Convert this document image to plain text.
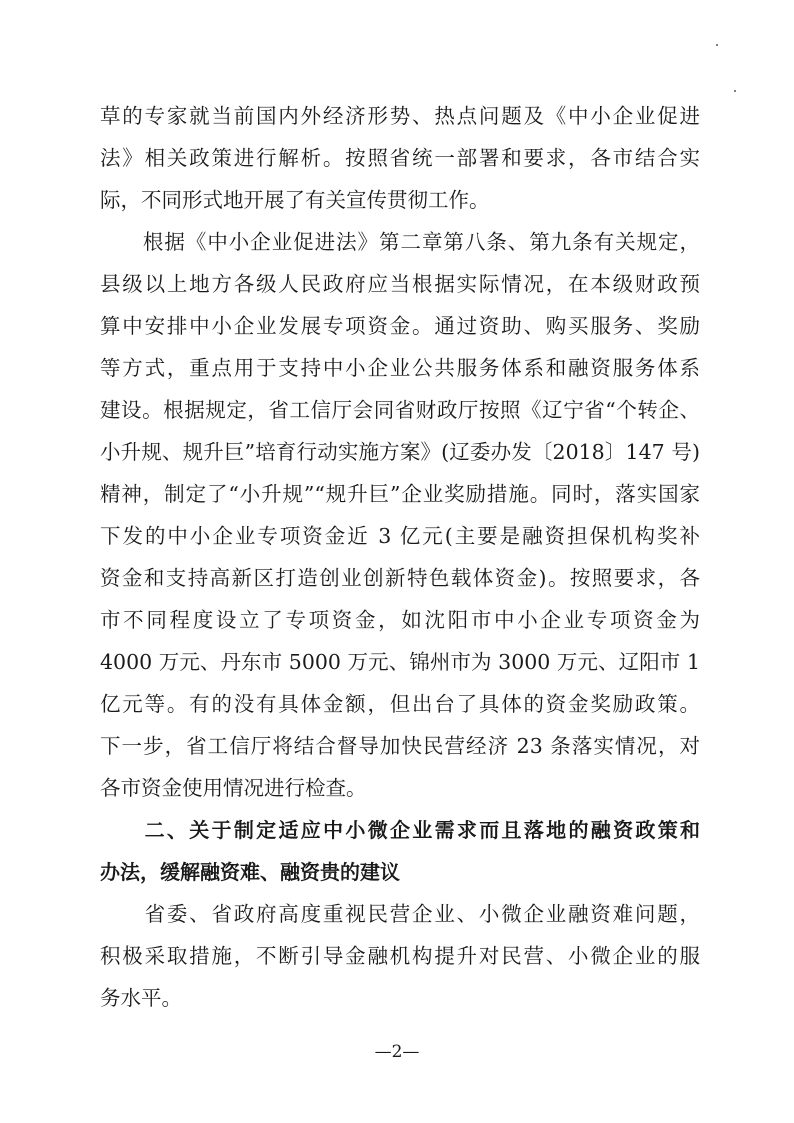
草的专家就当前国内外经济形势、热点问题及《中小企业促进
法》相关政策进行解析。按照省统一部署和要求，各市结合实
际，不同形式地开展了有关宣传贯彻工作。
　　根据《中小企业促进法》第二章第八条、第九条有关规定，
县级以上地方各级人民政府应当根据实际情况，在本级财政预
算中安排中小企业发展专项资金。通过资助、购买服务、奖励
等方式，重点用于支持中小企业公共服务体系和融资服务体系
建设。根据规定，省工信厅会同省财政厅按照《辽宁省“个转企、
小升规、规升巨”培育行动实施方案》(辽委办发〔2018〕147 号)
精神，制定了“小升规”“规升巨”企业奖励措施。同时，落实国家
下发的中小企业专项资金近 3 亿元(主要是融资担保机构奖补
资金和支持高新区打造创业创新特色载体资金)。按照要求，各
市不同程度设立了专项资金，如沈阳市中小企业专项资金为
4000 万元、丹东市 5000 万元、锦州市为 3000 万元、辽阳市 1
亿元等。有的没有具体金额，但出台了具体的资金奖励政策。
下一步，省工信厅将结合督导加快民营经济 23 条落实情况，对
各市资金使用情况进行检查。
　　二、关于制定适应中小微企业需求而且落地的融资政策和
办法，缓解融资难、融资贵的建议
　　省委、省政府高度重视民营企业、小微企业融资难问题，
积极采取措施，不断引导金融机构提升对民营、小微企业的服
务水平。
—2—
